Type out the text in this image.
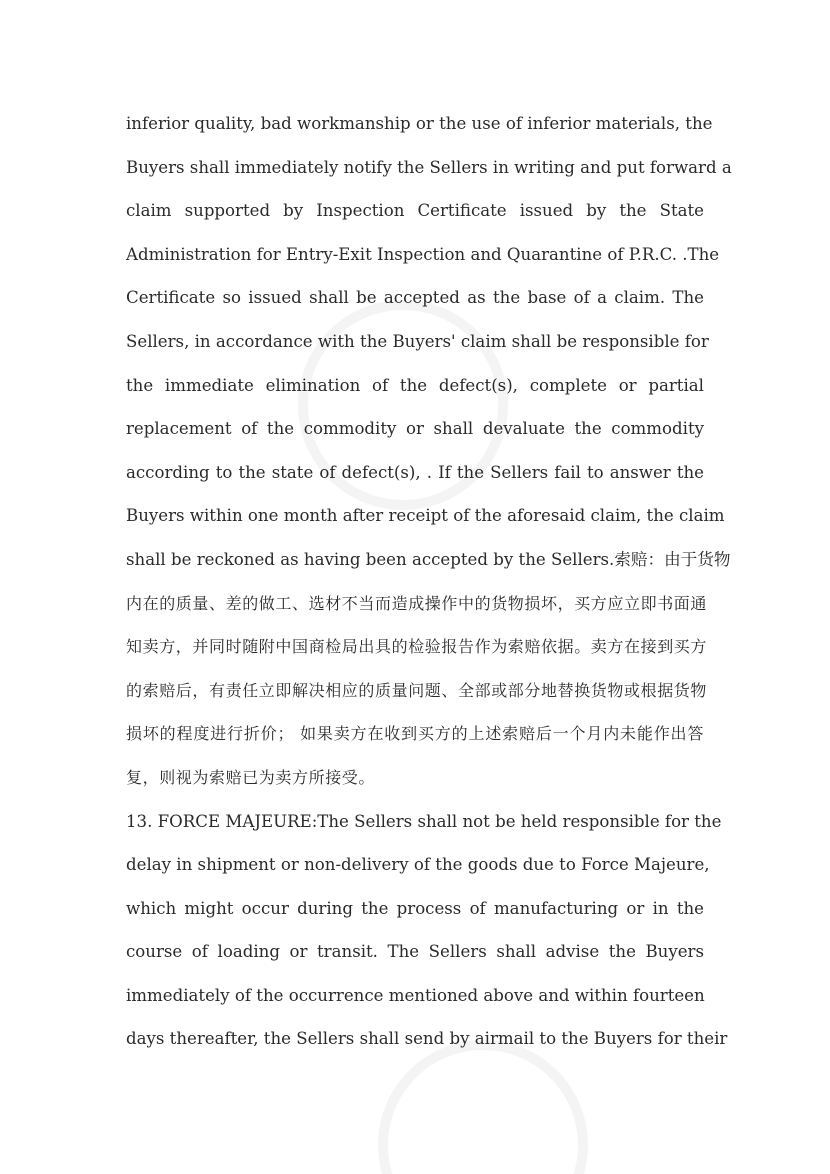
inferior quality, bad workmanship or the use of inferior materials, the
Buyers shall immediately notify the Sellers in writing and put forward a
claim supported by Inspection Certificate issued by the State
Administration for Entry-Exit Inspection and Quarantine of P.R.C. .The
Certificate so issued shall be accepted as the base of a claim. The
Sellers, in accordance with the Buyers' claim shall be responsible for
the immediate elimination of the defect(s), complete or partial
replacement of the commodity or shall devaluate the commodity
according to the state of defect(s), . If the Sellers fail to answer the
Buyers within one month after receipt of the aforesaid claim, the claim
shall be reckoned as having been accepted by the Sellers.索赔：由于货物
内在的质量、差的做工、选材不当而造成操作中的货物损坏，买方应立即书面通
知卖方，并同时随附中国商检局出具的检验报告作为索赔依据。卖方在接到买方
的索赔后，有责任立即解决相应的质量问题、全部或部分地替换货物或根据货物
损坏的程度进行折价； 如果卖方在收到买方的上述索赔后一个月内未能作出答
复，则视为索赔已为卖方所接受。
13. FORCE MAJEURE:The Sellers shall not be held responsible for the
delay in shipment or non-delivery of the goods due to Force Majeure,
which might occur during the process of manufacturing or in the
course of loading or transit. The Sellers shall advise the Buyers
immediately of the occurrence mentioned above and within fourteen
days thereafter, the Sellers shall send by airmail to the Buyers for their
